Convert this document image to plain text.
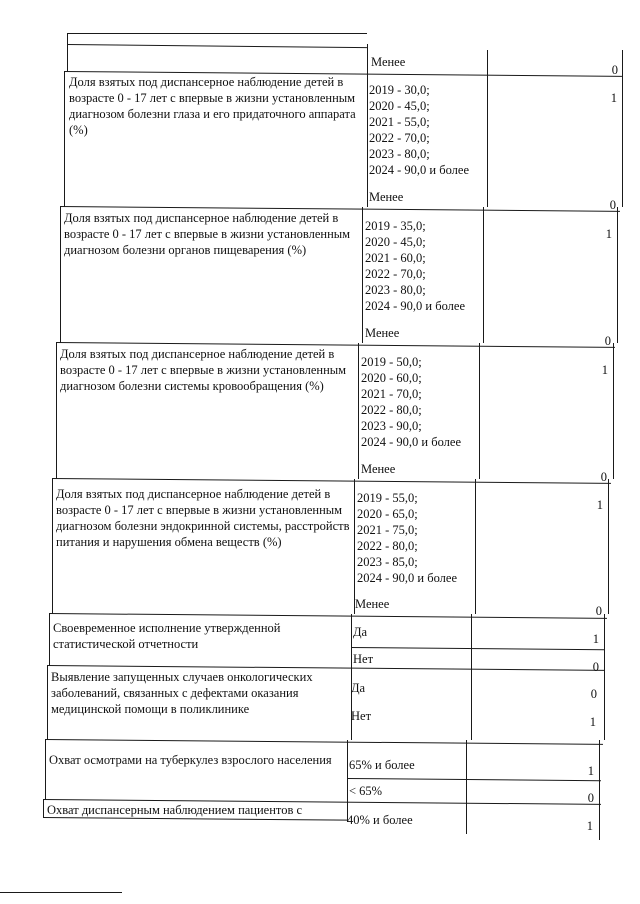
Менее
0
Доля взятых под диспансерное наблюдение детей в возрасте 0 - 17 лет с впервые в жизни установленным диагнозом болезни глаза и его придаточного аппарата (%)
2019 - 30,0;
2020 - 45,0;
2021 - 55,0;
2022 - 70,0;
2023 - 80,0;
2024 - 90,0 и более
Менее
1
0
Доля взятых под диспансерное наблюдение детей в возрасте 0 - 17 лет с впервые в жизни установленным диагнозом болезни органов пищеварения (%)
2019 - 35,0;
2020 - 45,0;
2021 - 60,0;
2022 - 70,0;
2023 - 80,0;
2024 - 90,0 и более
Менее
1
0
Доля взятых под диспансерное наблюдение детей в возрасте 0 - 17 лет с впервые в жизни установленным диагнозом болезни системы кровообращения (%)
2019 - 50,0;
2020 - 60,0;
2021 - 70,0;
2022 - 80,0;
2023 - 90,0;
2024 - 90,0 и более
Менее
1
0
Доля взятых под диспансерное наблюдение детей в возрасте 0 - 17 лет с впервые в жизни установленным диагнозом болезни эндокринной системы, расстройств питания и нарушения обмена веществ (%)
2019 - 55,0;
2020 - 65,0;
2021 - 75,0;
2022 - 80,0;
2023 - 85,0;
2024 - 90,0 и более
Менее
1
0
Своевременное исполнение утвержденной статистической отчетности
Да
Нет
1
0
Выявление запущенных случаев онкологических заболеваний, связанных с дефектами оказания медицинской помощи в поликлинике
Да
Нет
0
1
Охват осмотрами на туберкулез взрослого населения	65% и более
< 65%
1
0
Охват диспансерным наблюдением пациентов с
40% и более	1
